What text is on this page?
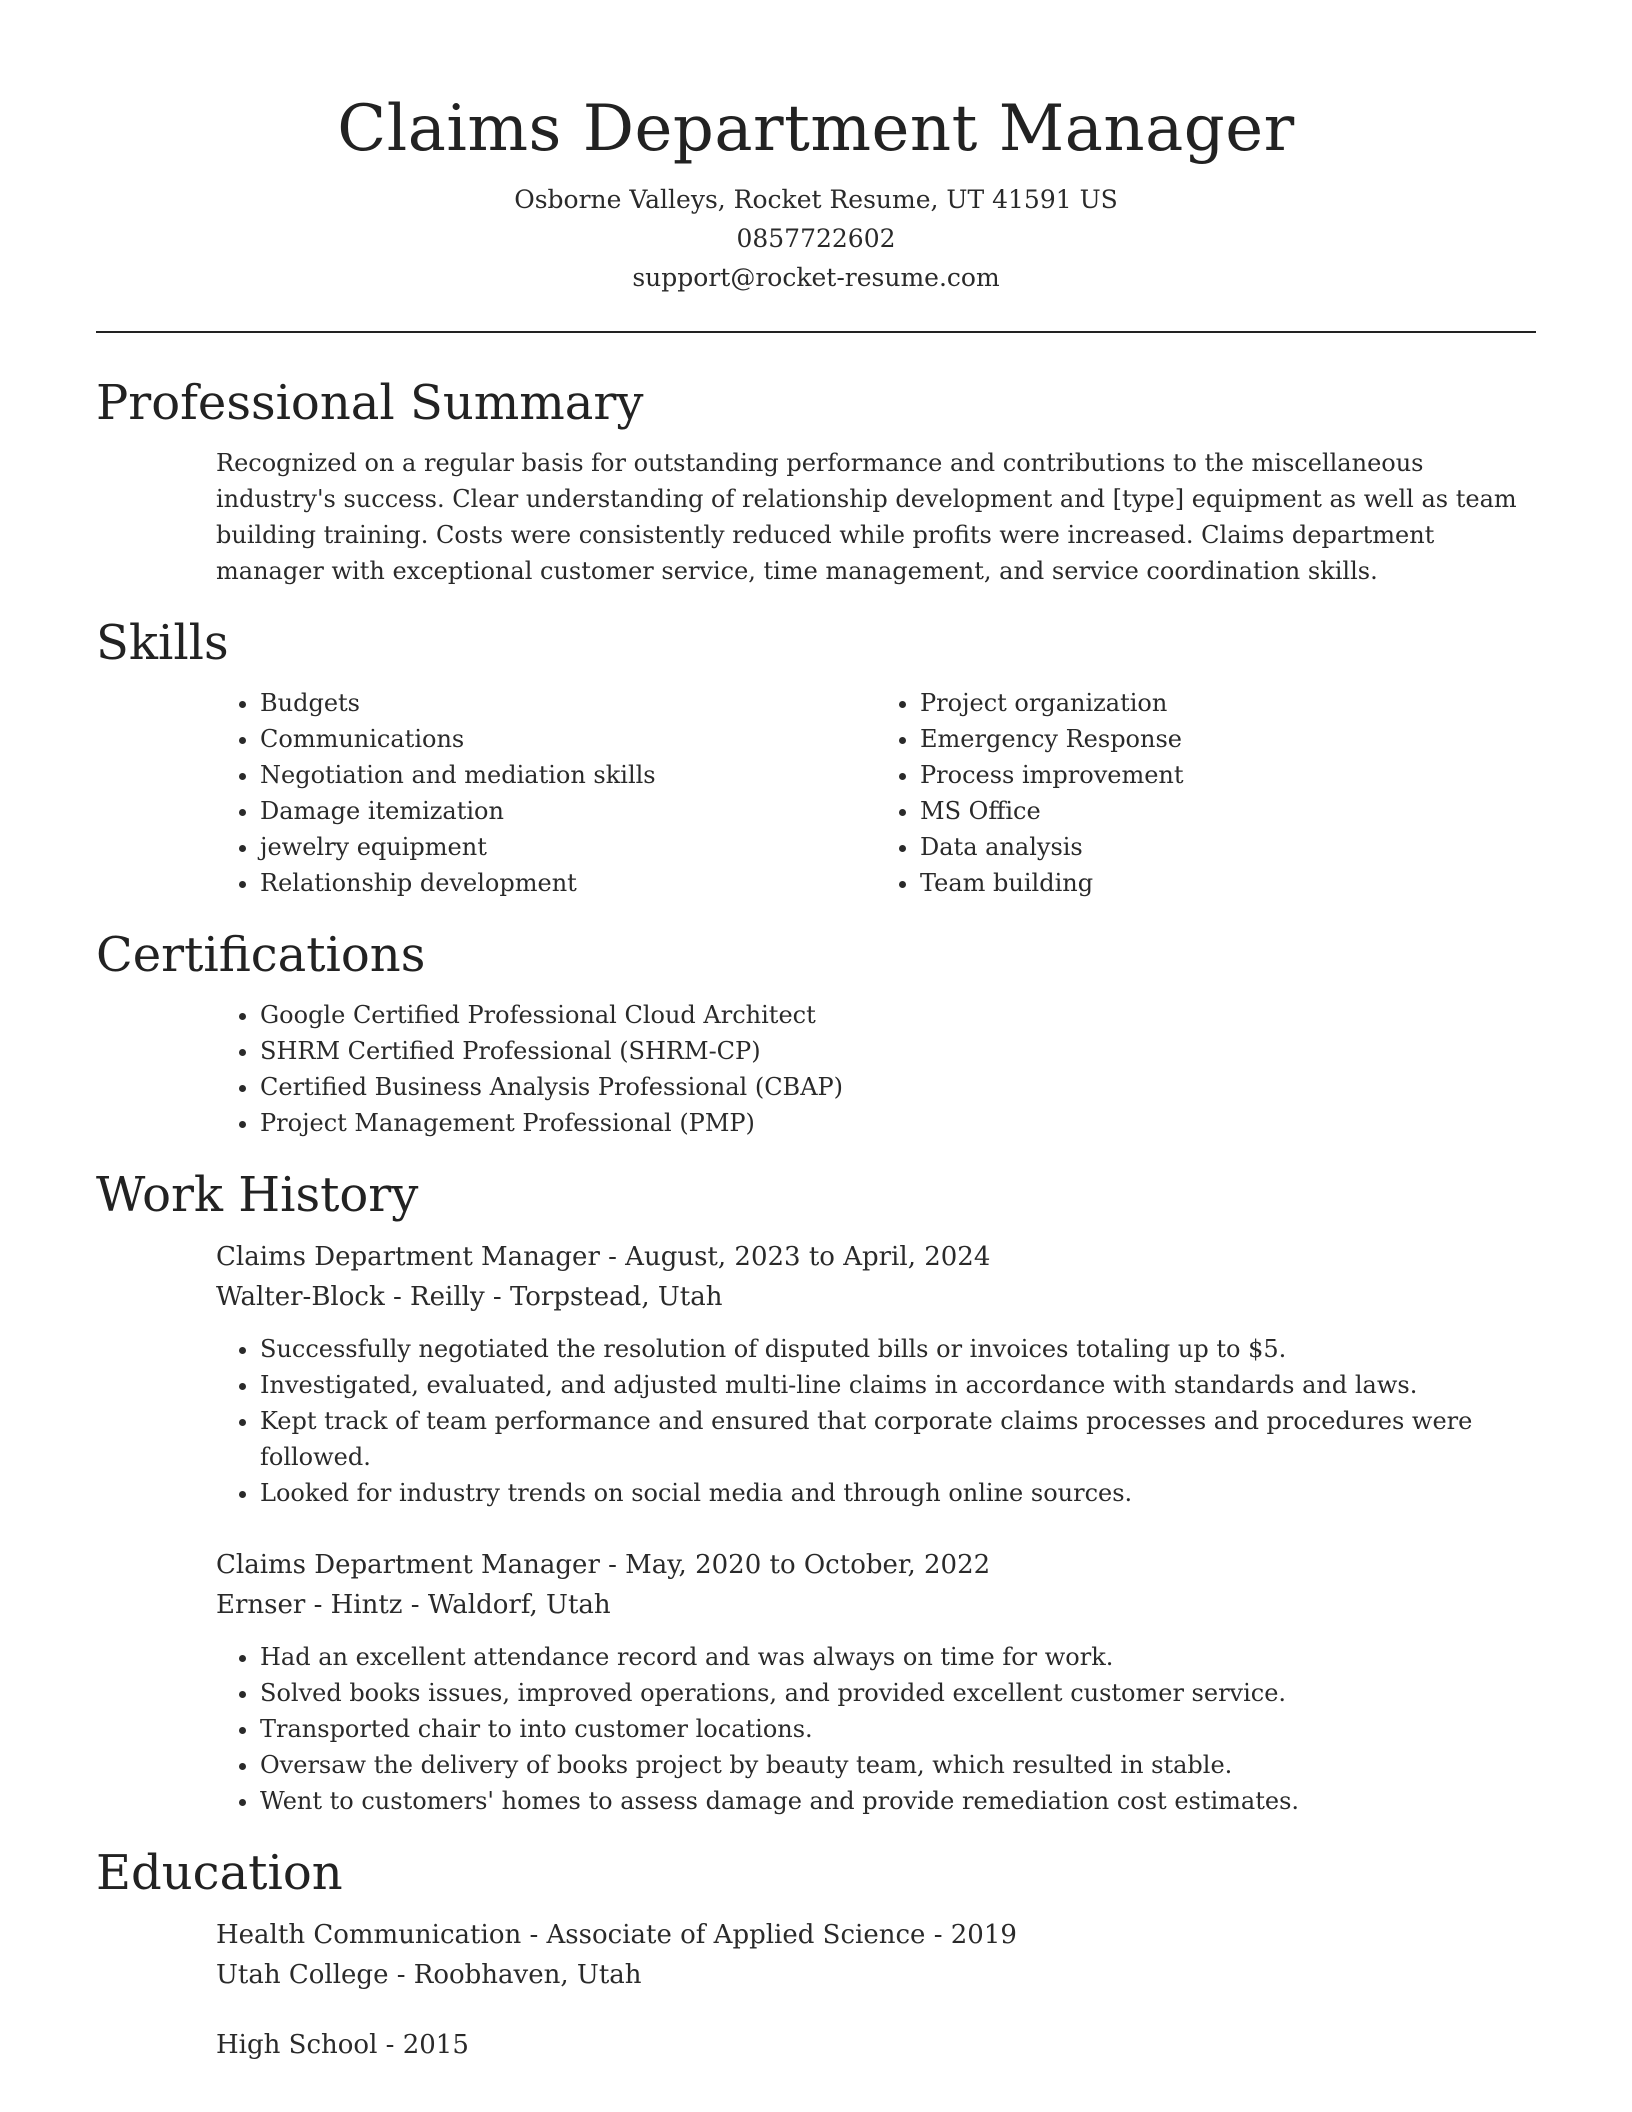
Claims Department Manager
Osborne Valleys, Rocket Resume, UT 41591 US
0857722602
support@rocket-resume.com
Professional Summary
Recognized on a regular basis for outstanding performance and contributions to the miscellaneous industry's success. Clear understanding of relationship development and [type] equipment as well as team building training. Costs were consistently reduced while profits were increased. Claims department manager with exceptional customer service, time management, and service coordination skills.
Skills
• Budgets
• Communications
• Negotiation and mediation skills
• Damage itemization
• jewelry equipment
• Relationship development
• Project organization
• Emergency Response
• Process improvement
• MS Office
• Data analysis
• Team building
Certifications
• Google Certified Professional Cloud Architect
• SHRM Certified Professional (SHRM-CP)
• Certified Business Analysis Professional (CBAP)
• Project Management Professional (PMP)
Work History
Claims Department Manager - August, 2023 to April, 2024
Walter-Block - Reilly - Torpstead, Utah
• Successfully negotiated the resolution of disputed bills or invoices totaling up to $5.
• Investigated, evaluated, and adjusted multi-line claims in accordance with standards and laws.
• Kept track of team performance and ensured that corporate claims processes and procedures were followed.
• Looked for industry trends on social media and through online sources.
Claims Department Manager - May, 2020 to October, 2022
Ernser - Hintz - Waldorf, Utah
• Had an excellent attendance record and was always on time for work.
• Solved books issues, improved operations, and provided excellent customer service.
• Transported chair to into customer locations.
• Oversaw the delivery of books project by beauty team, which resulted in stable.
• Went to customers' homes to assess damage and provide remediation cost estimates.
Education
Health Communication - Associate of Applied Science - 2019
Utah College - Roobhaven, Utah
High School - 2015
